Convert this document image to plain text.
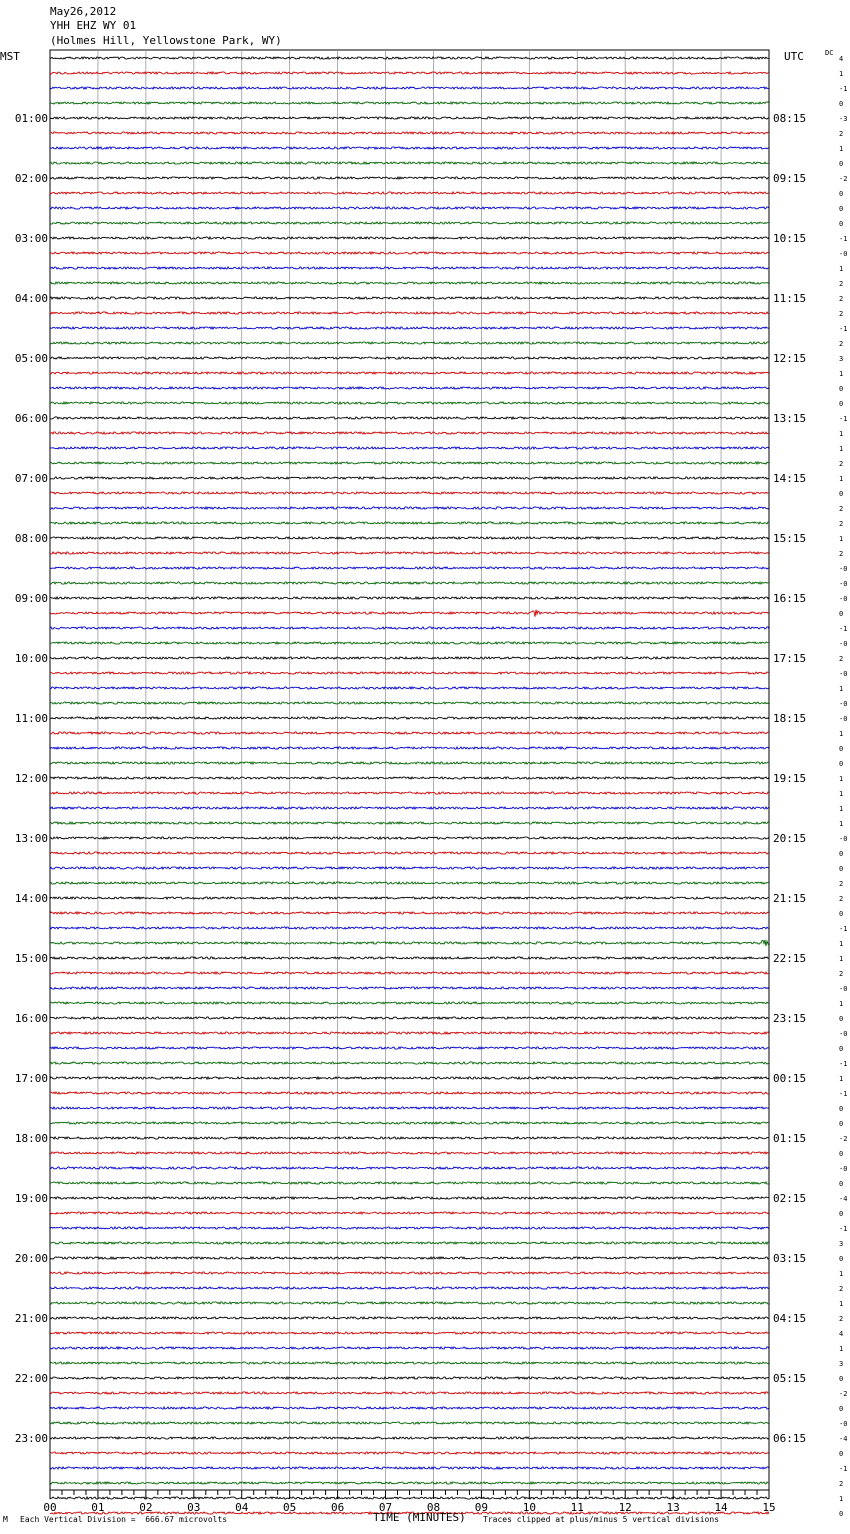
May26,2012
YHH EHZ WY 01
(Holmes Hill, Yellowstone Park, WY)
MST	UTC	DC
01:00
02:00
03:00
04:00
05:00
06:00
07:00
08:00
09:00
10:00
11:00
12:00
13:00
14:00
15:00
16:00
17:00
18:00
19:00
20:00
21:00
22:00
23:00
08:15
09:15
10:15
11:15
12:15
13:15
14:15
15:15
16:15
17:15
18:15
19:15
20:15
21:15
22:15
23:15
00:15
01:15
02:15
03:15
04:15
05:15
06:15
4
1
-1
0
-3
2
1
0
-2
0
0
0
-1
-0
1
2
2
2
-1
2
3
1
0
0
-1
1
1
2
1
0
2
2
1
2
-0
-0
-0
0
-1
-0
2
-0
1
-0
-0
1
0
0
1
1
1
1
-0
0
0
2
2
0
-1
1
1
2
-0
1
0
-0
0
-1
1
-1
0
0
-2
0
-0
0
-4
0
-1
3
0
1
2
1
2
4
1
3
0
-2
0
-0
-4
0
-1
2
1
0
00	01	02	03	04	05	06	07	08	09	10	11	12	13	14	15
TIME (MINUTES)
M Each Vertical Division =  666.67 microvolts	Traces clipped at plus/minus 5 vertical divisions
